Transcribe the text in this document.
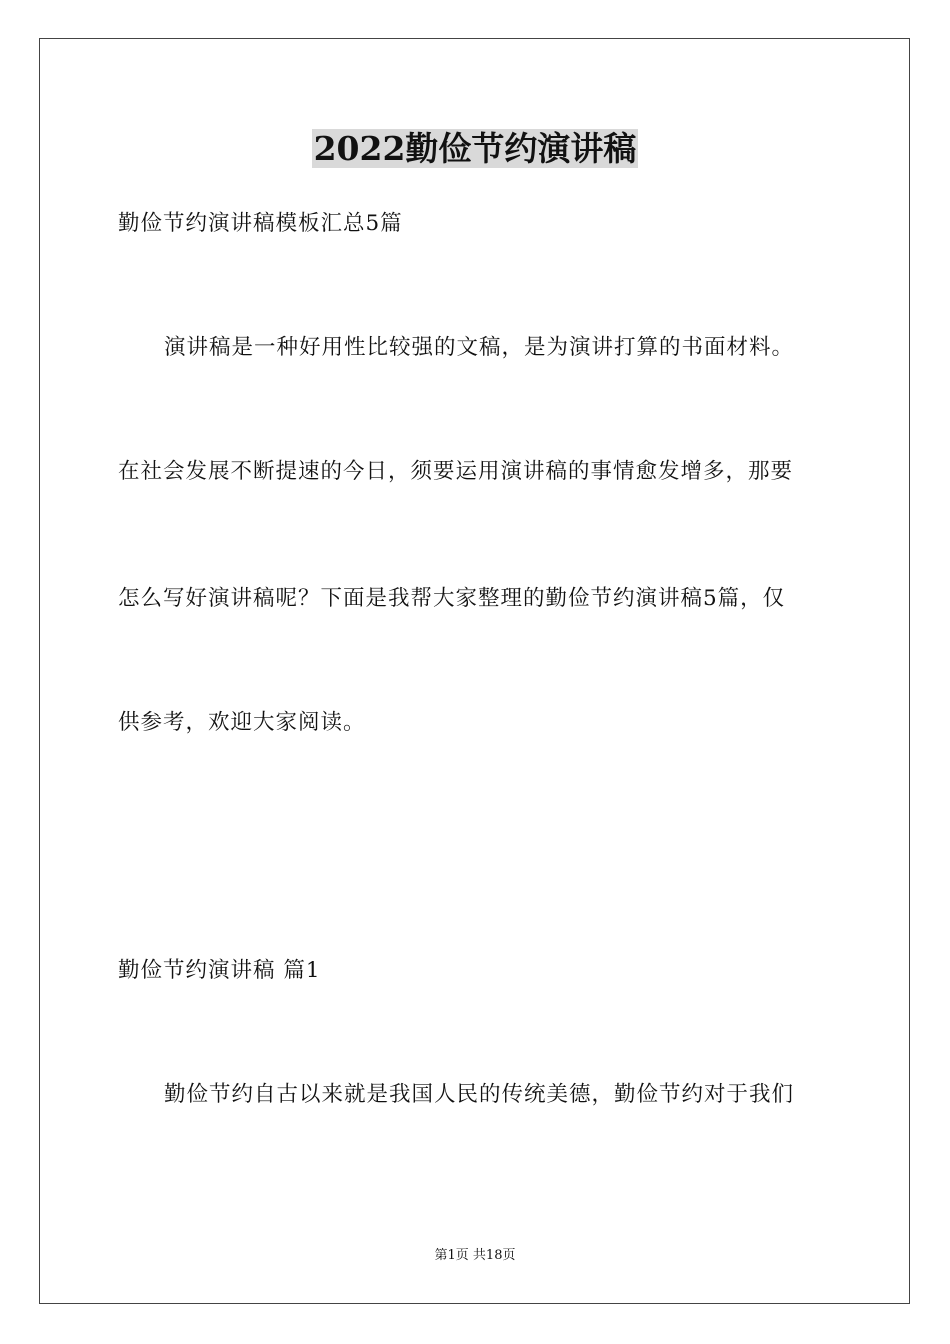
2022勤俭节约演讲稿
勤俭节约演讲稿模板汇总5篇
演讲稿是一种好用性比较强的文稿，是为演讲打算的书面材料。
在社会发展不断提速的今日，须要运用演讲稿的事情愈发增多，那要
怎么写好演讲稿呢？下面是我帮大家整理的勤俭节约演讲稿5篇，仅
供参考，欢迎大家阅读。
勤俭节约演讲稿 篇1
勤俭节约自古以来就是我国人民的传统美德，勤俭节约对于我们
第1页 共18页
